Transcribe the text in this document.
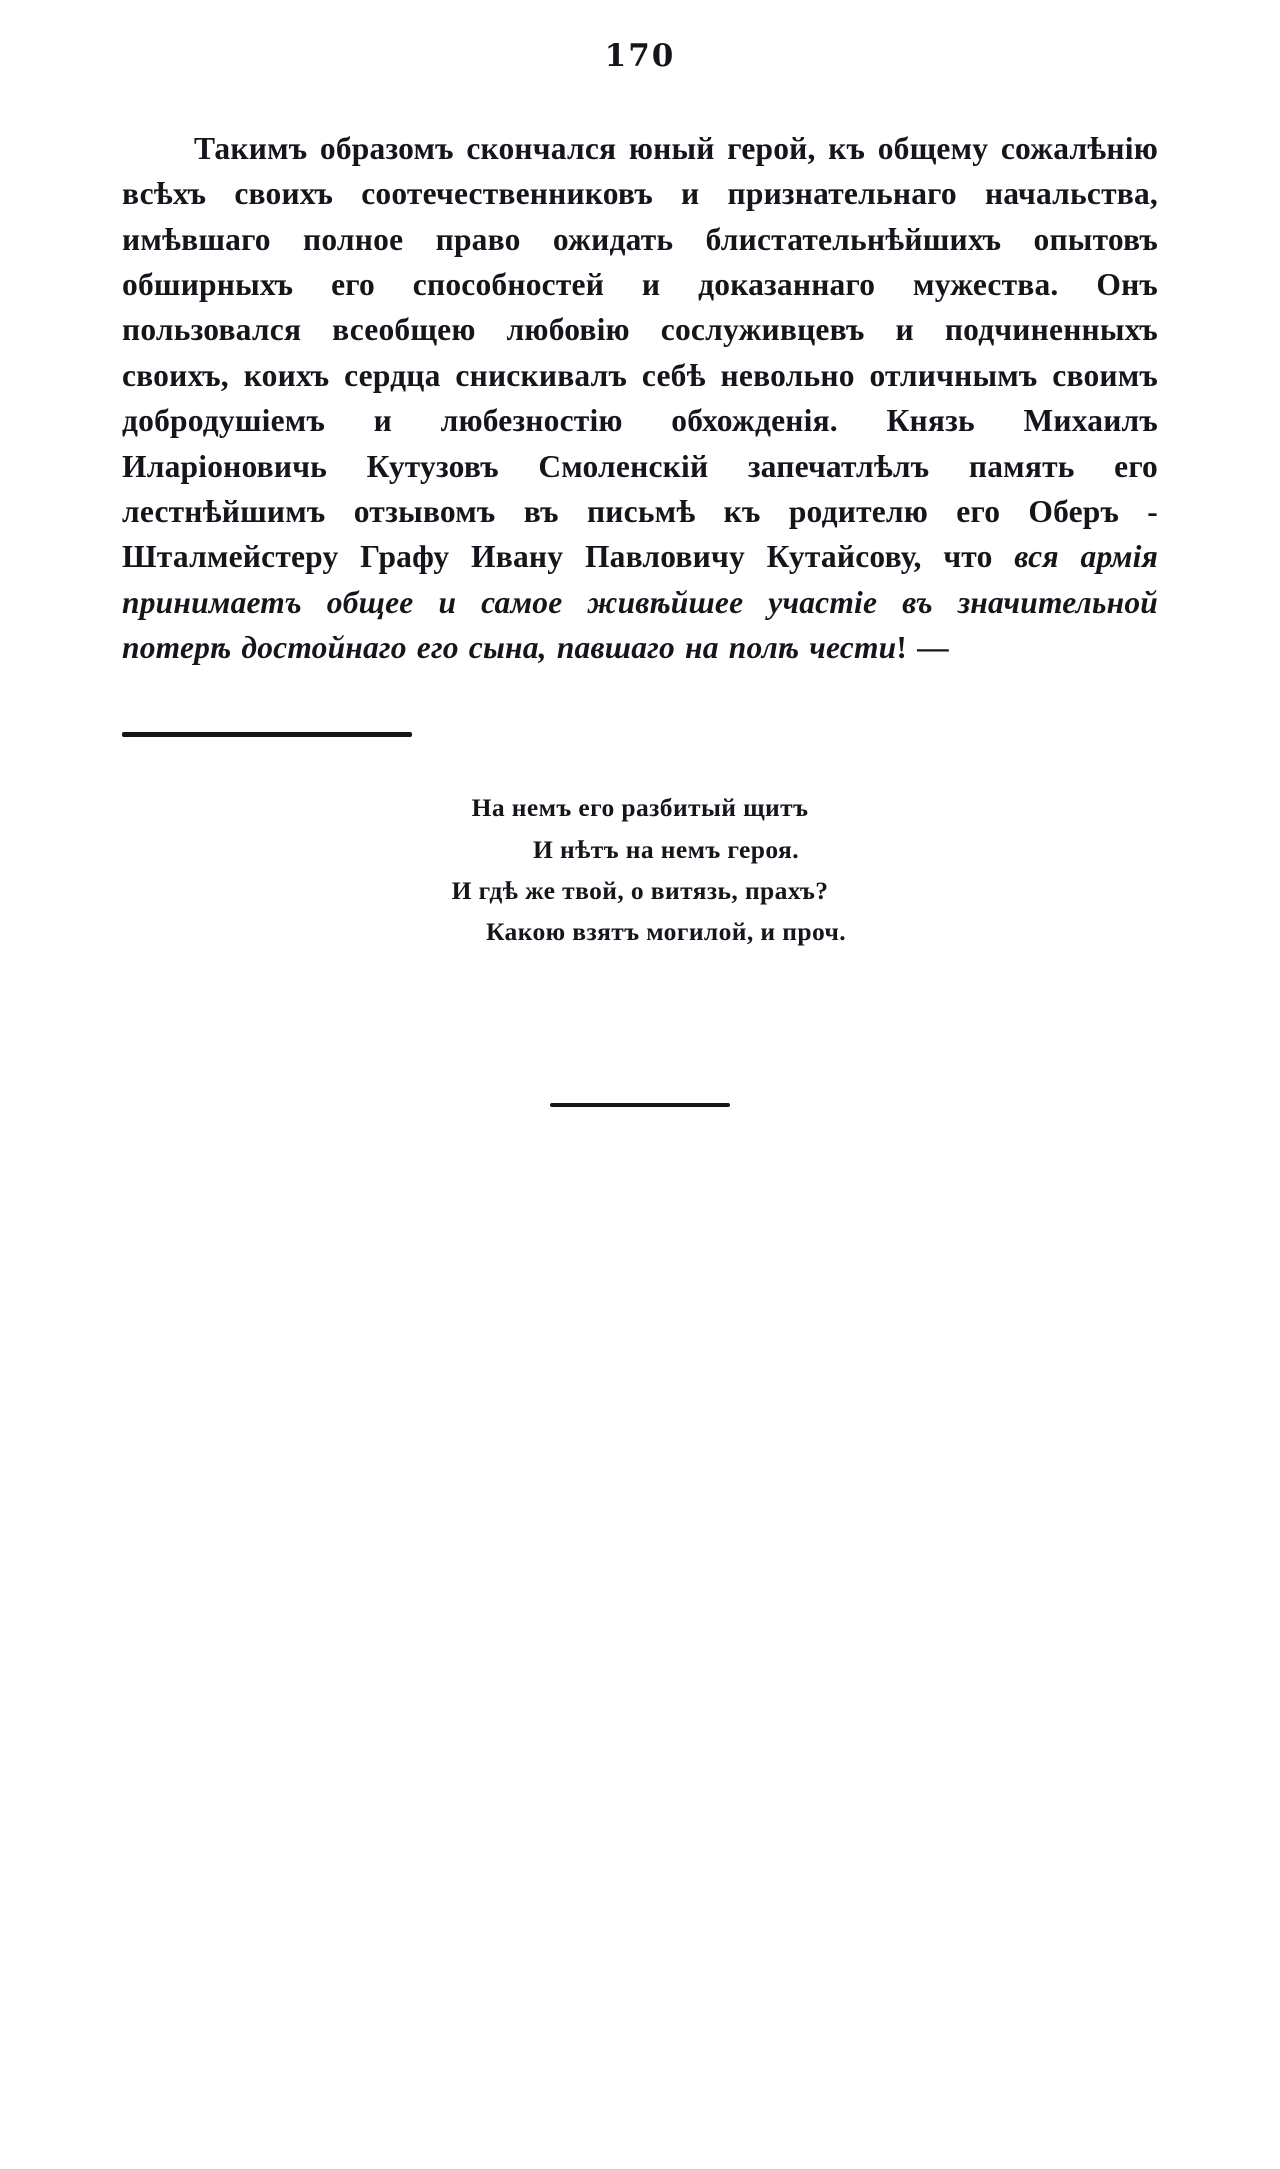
170

Такимъ образомъ скончался юный герой, къ общему сожалѣнію всѣхъ своихъ соотечественниковъ и признательнаго начальства, имѣвшаго полное право ожидать блистательнѣйшихъ опытовъ обширныхъ его способностей и доказаннаго мужества. Онъ пользовался всеобщею любовію сослуживцевъ и подчиненныхъ своихъ, коихъ сердца снискивалъ себѣ невольно отличнымъ своимъ добродушіемъ и любезностію обхожденія. Князь Михаилъ Иларіоновичь Кутузовъ Смоленскій запечатлѣлъ память его лестнѣйшимъ отзывомъ въ письмѣ къ родителю его Оберъ - Шталмейстеру Графу Ивану Павловичу Кутайсову, что вся армія принимаетъ общее и самое живѣйшее участіе въ значительной потерѣ достойнаго его сына, павшаго на полѣ чести! —

На немъ его разбитый щитъ
И нѣтъ на немъ героя.
И гдѣ же твой, о витязь, прахъ?
Какою взятъ могилой, и проч.
